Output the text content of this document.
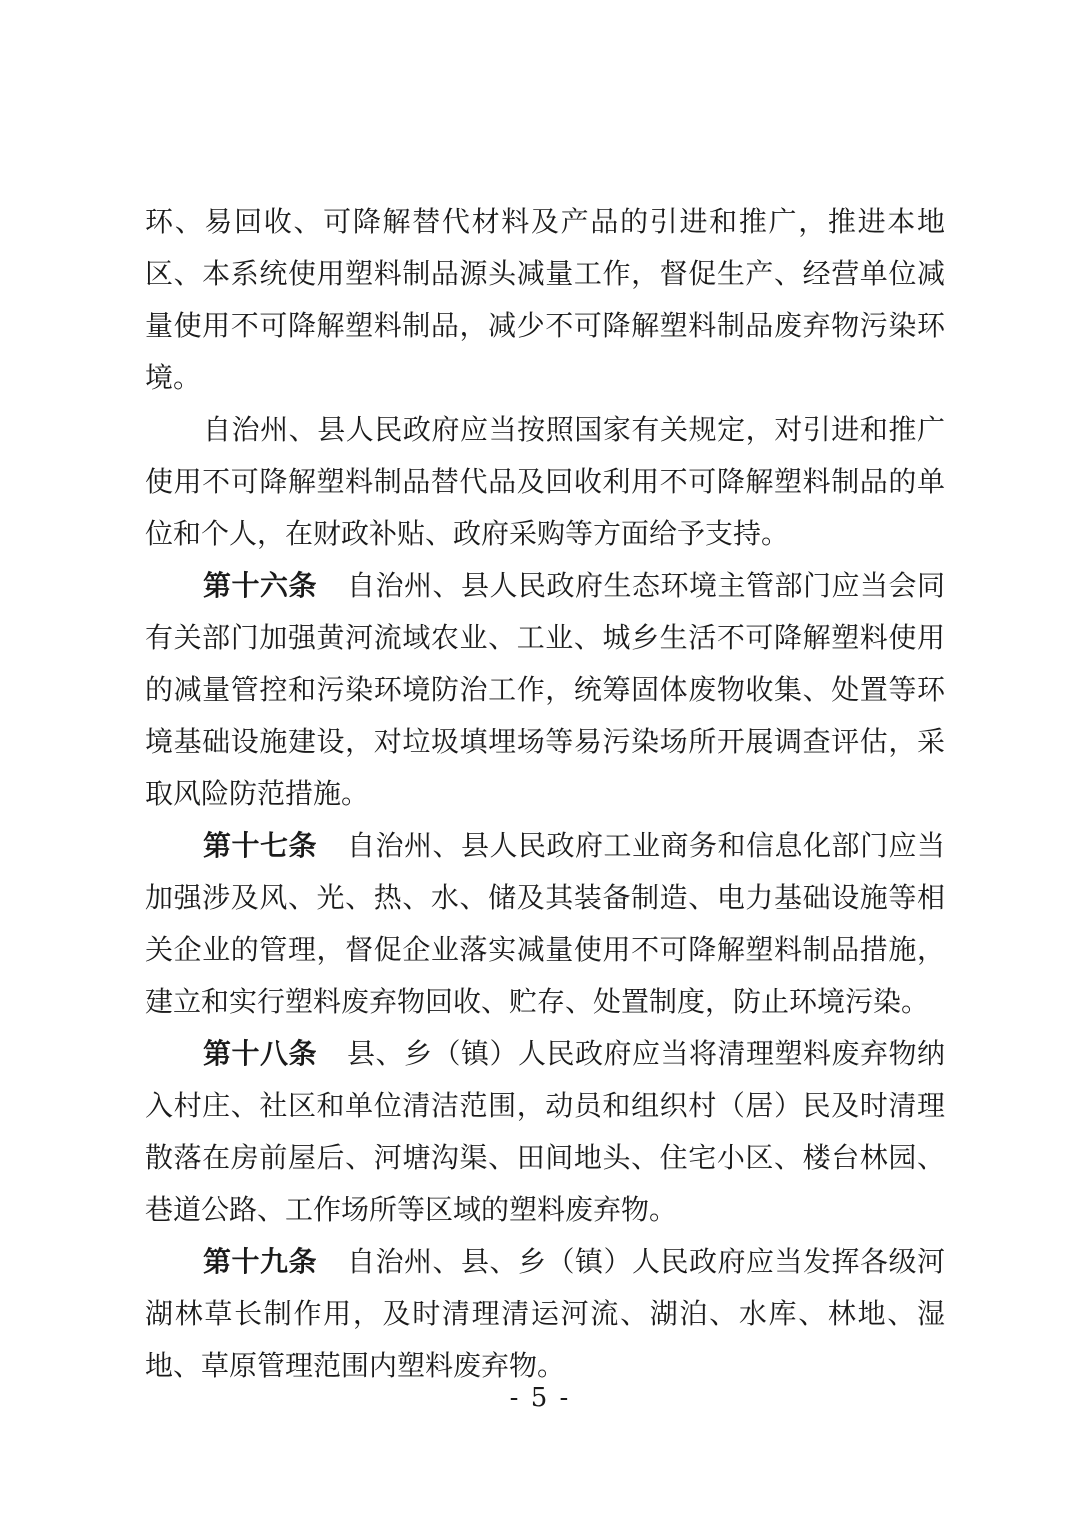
环、易回收、可降解替代材料及产品的引进和推广，推进本地区、本系统使用塑料制品源头减量工作，督促生产、经营单位减量使用不可降解塑料制品，减少不可降解塑料制品废弃物污染环境。

自治州、县人民政府应当按照国家有关规定，对引进和推广使用不可降解塑料制品替代品及回收利用不可降解塑料制品的单位和个人，在财政补贴、政府采购等方面给予支持。

第十六条 自治州、县人民政府生态环境主管部门应当会同有关部门加强黄河流域农业、工业、城乡生活不可降解塑料使用的减量管控和污染环境防治工作，统筹固体废物收集、处置等环境基础设施建设，对垃圾填埋场等易污染场所开展调查评估，采取风险防范措施。

第十七条 自治州、县人民政府工业商务和信息化部门应当加强涉及风、光、热、水、储及其装备制造、电力基础设施等相关企业的管理，督促企业落实减量使用不可降解塑料制品措施，建立和实行塑料废弃物回收、贮存、处置制度，防止环境污染。

第十八条 县、乡（镇）人民政府应当将清理塑料废弃物纳入村庄、社区和单位清洁范围，动员和组织村（居）民及时清理散落在房前屋后、河塘沟渠、田间地头、住宅小区、楼台林园、巷道公路、工作场所等区域的塑料废弃物。

第十九条 自治州、县、乡（镇）人民政府应当发挥各级河湖林草长制作用，及时清理清运河流、湖泊、水库、林地、湿地、草原管理范围内塑料废弃物。

- 5 -
